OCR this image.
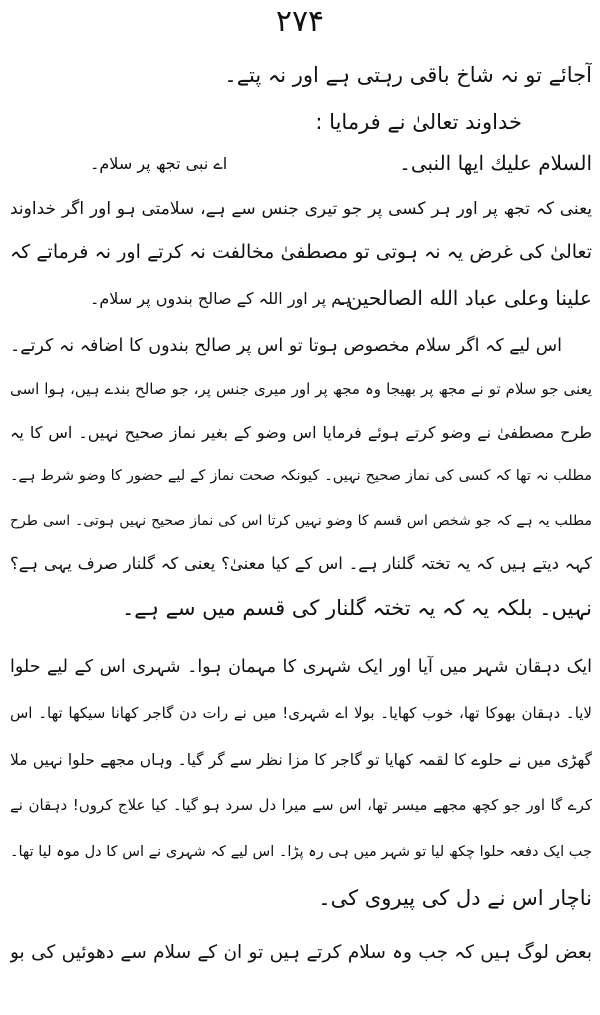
۲۷۴
آجائے تو نہ شاخ باقی رہتی ہے اور نہ پتے۔
خداوند تعالیٰ نے فرمایا :
السلام علیك ایها النبی۔
اے نبی تجھ پر سلام۔
یعنی کہ تجھ پر اور ہر کسی پر جو تیری جنس سے ہے، سلامتی ہو اور اگر خداوند
تعالیٰ کی غرض یہ نہ ہوتی تو مصطفیٰ مخالفت نہ کرتے اور نہ فرماتے کہ
علینا وعلی عباد الله الصالحین۔
ہم پر اور اللہ کے صالح بندوں پر سلام۔
اس لیے کہ اگر سلام مخصوص ہوتا تو اس پر صالح بندوں کا اضافہ نہ کرتے۔
یعنی جو سلام تو نے مجھ پر بھیجا وہ مجھ پر اور میری جنس پر، جو صالح بندے ہیں، ہوا اسی
طرح مصطفیٰ نے وضو کرتے ہوئے فرمایا اس وضو کے بغیر نماز صحیح نہیں۔ اس کا یہ
مطلب نہ تھا کہ کسی کی نماز صحیح نہیں۔ کیونکہ صحت نماز کے لیے حضور کا وضو شرط ہے۔
مطلب یہ ہے کہ جو شخص اس قسم کا وضو نہیں کرتا اس کی نماز صحیح نہیں ہوتی۔ اسی طرح
کہہ دیتے ہیں کہ یہ تختہ گلنار ہے۔ اس کے کیا معنیٰ؟ یعنی کہ گلنار صرف یہی ہے؟
نہیں۔ بلکہ یہ کہ یہ تختہ گلنار کی قسم میں سے ہے۔
ایک دہقان شہر میں آیا اور ایک شہری کا مہمان ہوا۔ شہری اس کے لیے حلوا
لایا۔ دہقان بھوکا تھا، خوب کھایا۔ بولا اے شہری! میں نے رات دن گاجر کھانا سیکھا تھا۔ اس
گھڑی میں نے حلوے کا لقمہ کھایا تو گاجر کا مزا نظر سے گر گیا۔ وہاں مجھے حلوا نہیں ملا
کرے گا اور جو کچھ مجھے میسر تھا، اس سے میرا دل سرد ہو گیا۔ کیا علاج کروں! دہقان نے
جب ایک دفعہ حلوا چکھ لیا تو شہر میں ہی رہ پڑا۔ اس لیے کہ شہری نے اس کا دل موہ لیا تھا۔
ناچار اس نے دل کی پیروی کی۔
بعض لوگ ہیں کہ جب وہ سلام کرتے ہیں تو ان کے سلام سے دھوئیں کی بو
